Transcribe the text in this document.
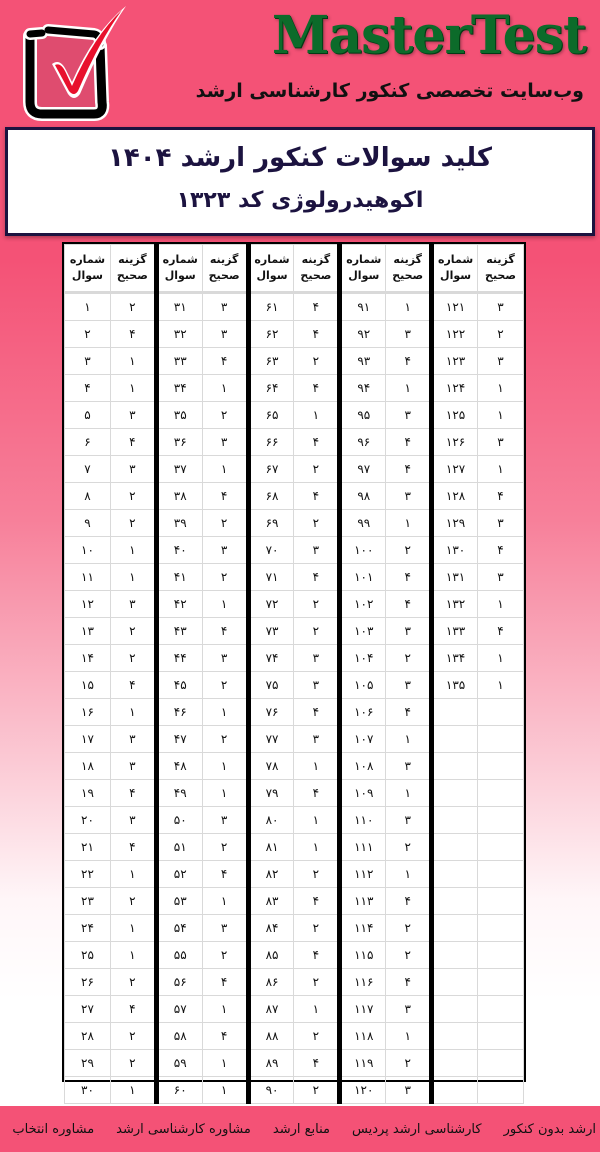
MasterTest

وب‌سایت تخصصی کنکور کارشناسی ارشد

کلید سوالات کنکور ارشد ۱۴۰۴
اکوهیدرولوژی کد ۱۳۲۳
شماره سوال	گزینه صحیح	شماره سوال	گزینه صحیح	شماره سوال	گزینه صحیح	شماره سوال	گزینه صحیح	شماره سوال	گزینه صحیح
۱	۲	۳۱	۳	۶۱	۴	۹۱	۱	۱۲۱	۳
۲	۴	۳۲	۳	۶۲	۴	۹۲	۳	۱۲۲	۲
۳	۱	۳۳	۴	۶۳	۲	۹۳	۴	۱۲۳	۳
۴	۱	۳۴	۱	۶۴	۴	۹۴	۱	۱۲۴	۱
۵	۳	۳۵	۲	۶۵	۱	۹۵	۳	۱۲۵	۱
۶	۴	۳۶	۳	۶۶	۴	۹۶	۴	۱۲۶	۳
۷	۳	۳۷	۱	۶۷	۲	۹۷	۴	۱۲۷	۱
۸	۲	۳۸	۴	۶۸	۴	۹۸	۳	۱۲۸	۴
۹	۲	۳۹	۲	۶۹	۲	۹۹	۱	۱۲۹	۳
۱۰	۱	۴۰	۳	۷۰	۳	۱۰۰	۲	۱۳۰	۴
۱۱	۱	۴۱	۲	۷۱	۴	۱۰۱	۴	۱۳۱	۳
۱۲	۳	۴۲	۱	۷۲	۲	۱۰۲	۴	۱۳۲	۱
۱۳	۲	۴۳	۴	۷۳	۲	۱۰۳	۳	۱۳۳	۴
۱۴	۲	۴۴	۳	۷۴	۳	۱۰۴	۲	۱۳۴	۱
۱۵	۴	۴۵	۲	۷۵	۳	۱۰۵	۳	۱۳۵	۱
۱۶	۱	۴۶	۱	۷۶	۴	۱۰۶	۴		
۱۷	۳	۴۷	۲	۷۷	۳	۱۰۷	۱		
۱۸	۳	۴۸	۱	۷۸	۱	۱۰۸	۳		
۱۹	۴	۴۹	۱	۷۹	۴	۱۰۹	۱		
۲۰	۳	۵۰	۳	۸۰	۱	۱۱۰	۳		
۲۱	۴	۵۱	۲	۸۱	۱	۱۱۱	۲		
۲۲	۱	۵۲	۴	۸۲	۲	۱۱۲	۱		
۲۳	۲	۵۳	۱	۸۳	۴	۱۱۳	۴		
۲۴	۱	۵۴	۳	۸۴	۲	۱۱۴	۲		
۲۵	۱	۵۵	۲	۸۵	۴	۱۱۵	۲		
۲۶	۲	۵۶	۴	۸۶	۲	۱۱۶	۴		
۲۷	۴	۵۷	۱	۸۷	۱	۱۱۷	۳		
۲۸	۲	۵۸	۴	۸۸	۲	۱۱۸	۱		
۲۹	۲	۵۹	۱	۸۹	۴	۱۱۹	۲		
۳۰	۱	۶۰	۱	۹۰	۲	۱۲۰	۳		
ارشد بدون کنکور
کارشناسی ارشد پردیس
منابع ارشد
مشاوره کارشناسی ارشد
مشاوره انتخاب
